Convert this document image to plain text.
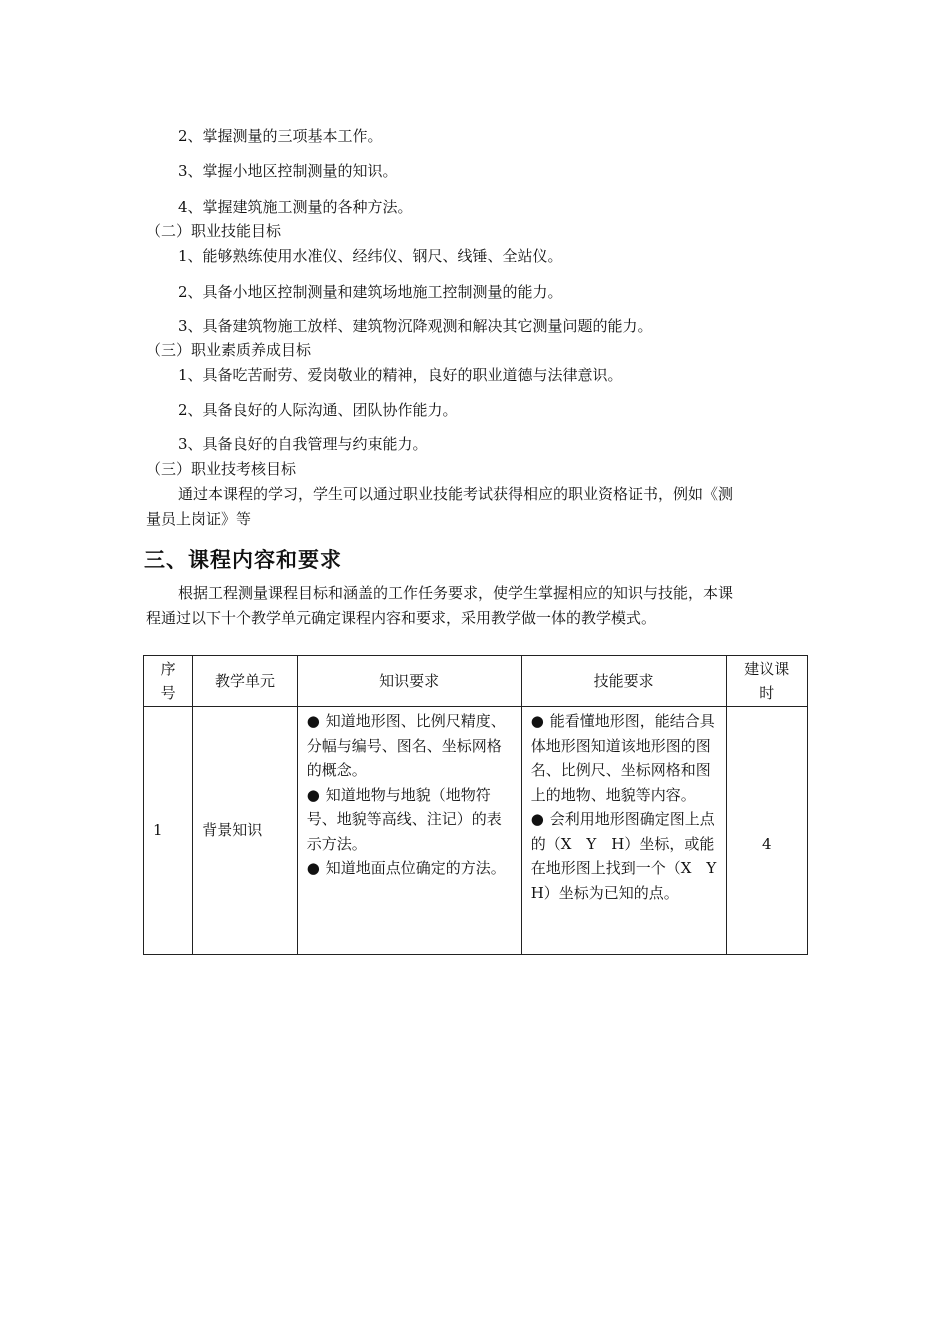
2、掌握测量的三项基本工作。
3、掌握小地区控制测量的知识。
4、掌握建筑施工测量的各种方法。
（二）职业技能目标
1、能够熟练使用水准仪、经纬仪、钢尺、线锤、全站仪。
2、具备小地区控制测量和建筑场地施工控制测量的能力。
3、具备建筑物施工放样、建筑物沉降观测和解决其它测量问题的能力。
（三）职业素质养成目标
1、具备吃苦耐劳、爱岗敬业的精神，良好的职业道德与法律意识。
2、具备良好的人际沟通、团队协作能力。
3、具备良好的自我管理与约束能力。
（三）职业技考核目标
通过本课程的学习，学生可以通过职业技能考试获得相应的职业资格证书，例如《测
量员上岗证》等
三、课程内容和要求
根据工程测量课程目标和涵盖的工作任务要求，使学生掌握相应的知识与技能，本课
程通过以下十个教学单元确定课程内容和要求，采用教学做一体的教学模式。
序
号	教学单元	知识要求	技能要求	建议课
时
1	背景知识	● 知道地形图、比例尺精度、分幅与编号、图名、坐标网格的概念。
● 知道地物与地貌（地物符号、地貌等高线、注记）的表示方法。
● 知道地面点位确定的方法。	● 能看懂地形图，能结合具体地形图知道该地形图的图名、比例尺、坐标网格和图上的地物、地貌等内容。
● 会利用地形图确定图上点的（X　Y　H）坐标，或能在地形图上找到一个（X　Y　H）坐标为已知的点。	4
